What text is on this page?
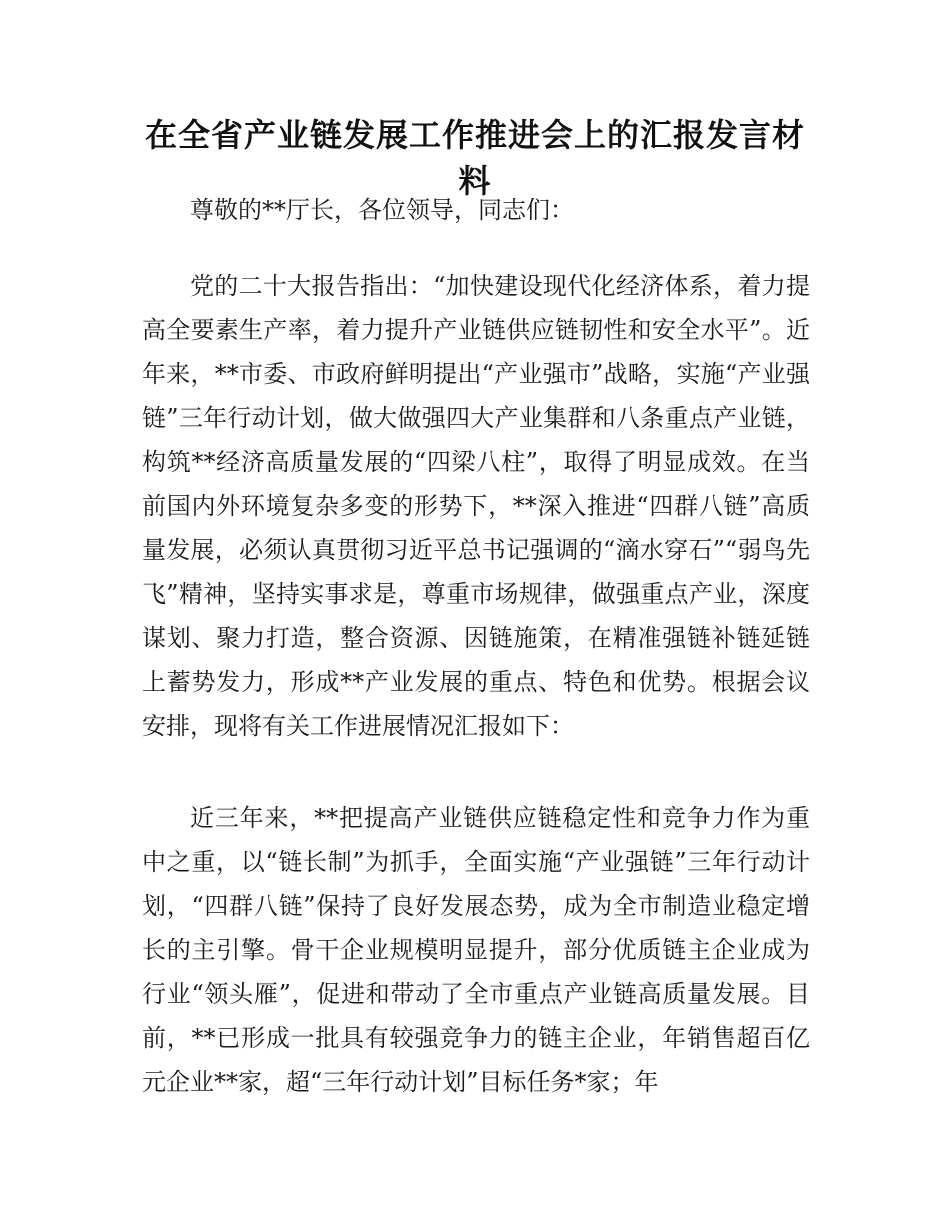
在全省产业链发展工作推进会上的汇报发言材料

尊敬的**厅长，各位领导，同志们：

党的二十大报告指出：“加快建设现代化经济体系，着力提高全要素生产率，着力提升产业链供应链韧性和安全水平”。近年来，**市委、市政府鲜明提出“产业强市”战略，实施“产业强链”三年行动计划，做大做强四大产业集群和八条重点产业链，构筑**经济高质量发展的“四梁八柱”，取得了明显成效。在当前国内外环境复杂多变的形势下，**深入推进“四群八链”高质量发展，必须认真贯彻习近平总书记强调的“滴水穿石”“弱鸟先飞”精神，坚持实事求是，尊重市场规律，做强重点产业，深度谋划、聚力打造，整合资源、因链施策，在精准强链补链延链上蓄势发力，形成**产业发展的重点、特色和优势。根据会议安排，现将有关工作进展情况汇报如下：

近三年来，**把提高产业链供应链稳定性和竞争力作为重中之重，以“链长制”为抓手，全面实施“产业强链”三年行动计划，“四群八链”保持了良好发展态势，成为全市制造业稳定增长的主引擎。骨干企业规模明显提升，部分优质链主企业成为行业“领头雁”，促进和带动了全市重点产业链高质量发展。目前，**已形成一批具有较强竞争力的链主企业，年销售超百亿元企业**家，超“三年行动计划”目标任务*家；年
